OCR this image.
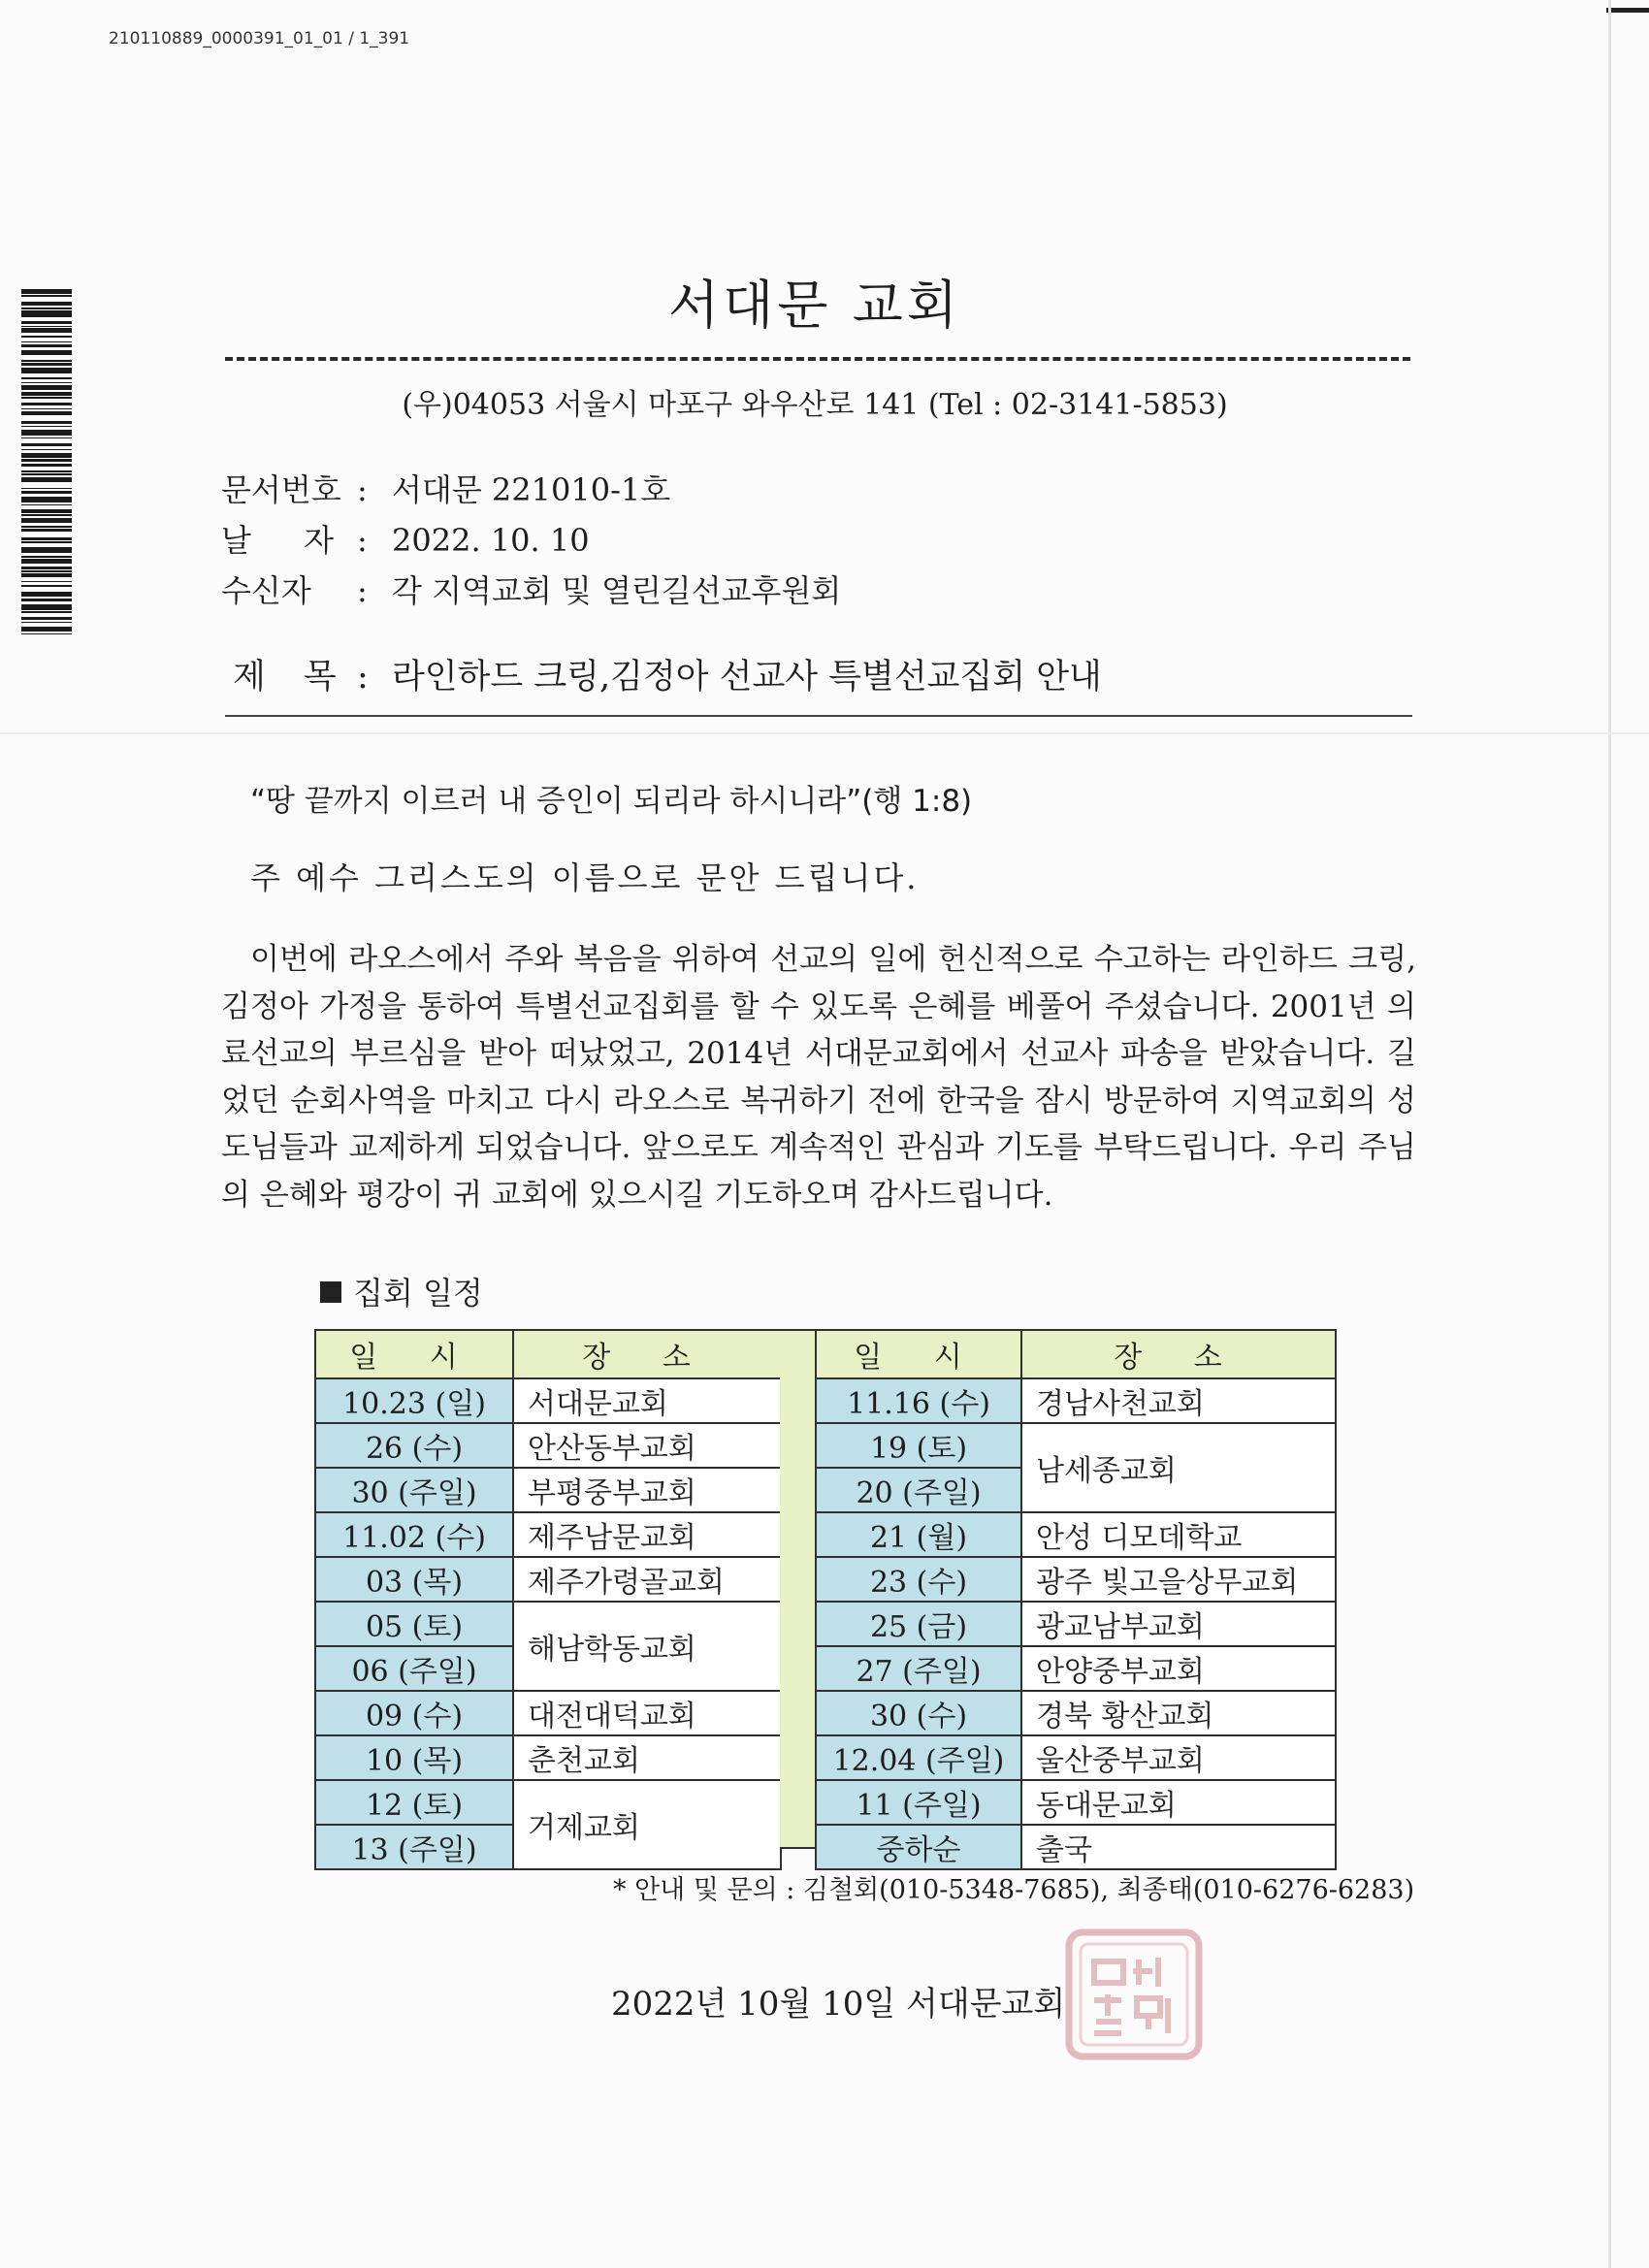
210110889_0000391_01_01 / 1_391
서대문 교회
(우)04053 서울시 마포구 와우산로 141 (Tel : 02-3141-5853)
문서번호 : 서대문 221010-1호
날 자: 2022. 10. 10
수신자 : 각 지역교회 및 열린길선교후원회
제 목 : 라인하드 크링,김정아 선교사 특별선교집회 안내
“땅 끝까지 이르러 내 증인이 되리라 하시니라”(행 1:8)
주 예수 그리스도의 이름으로 문안 드립니다.
이번에 라오스에서 주와 복음을 위하여 선교의 일에 헌신적으로 수고하는 라인하드 크링, 김정아 가정을 통하여 특별선교집회를 할 수 있도록 은혜를 베풀어 주셨습니다. 2001년 의료선교의 부르심을 받아 떠났었고, 2014년 서대문교회에서 선교사 파송을 받았습니다. 길었던 순회사역을 마치고 다시 라오스로 복귀하기 전에 한국을 잠시 방문하여 지역교회의 성도님들과 교제하게 되었습니다. 앞으로도 계속적인 관심과 기도를 부탁드립니다. 우리 주님의 은혜와 평강이 귀 교회에 있으시길 기도하오며 감사드립니다.
집회 일정
일 시	장 소
10.23 (일)	서대문교회
26 (수)	안산동부교회
30 (주일)	부평중부교회
11.02 (수)	제주남문교회
03 (목)	제주가령골교회
05 (토)	해남학동교회
06 (주일)	
09 (수)	대전대덕교회
10 (목)	춘천교회
12 (토)	거제교회
13 (주일)	
일 시	장 소
11.16 (수)	경남사천교회
19 (토)	남세종교회
20 (주일)	
21 (월)	안성 디모데학교
23 (수)	광주 빛고을상무교회
25 (금)	광교남부교회
27 (주일)	안양중부교회
30 (수)	경북 황산교회
12.04 (주일)	울산중부교회
11 (주일)	동대문교회
중하순	출국
* 안내 및 문의 : 김철회(010-5348-7685), 최종태(010-6276-6283)
2022년 10월 10일 서대문교회
